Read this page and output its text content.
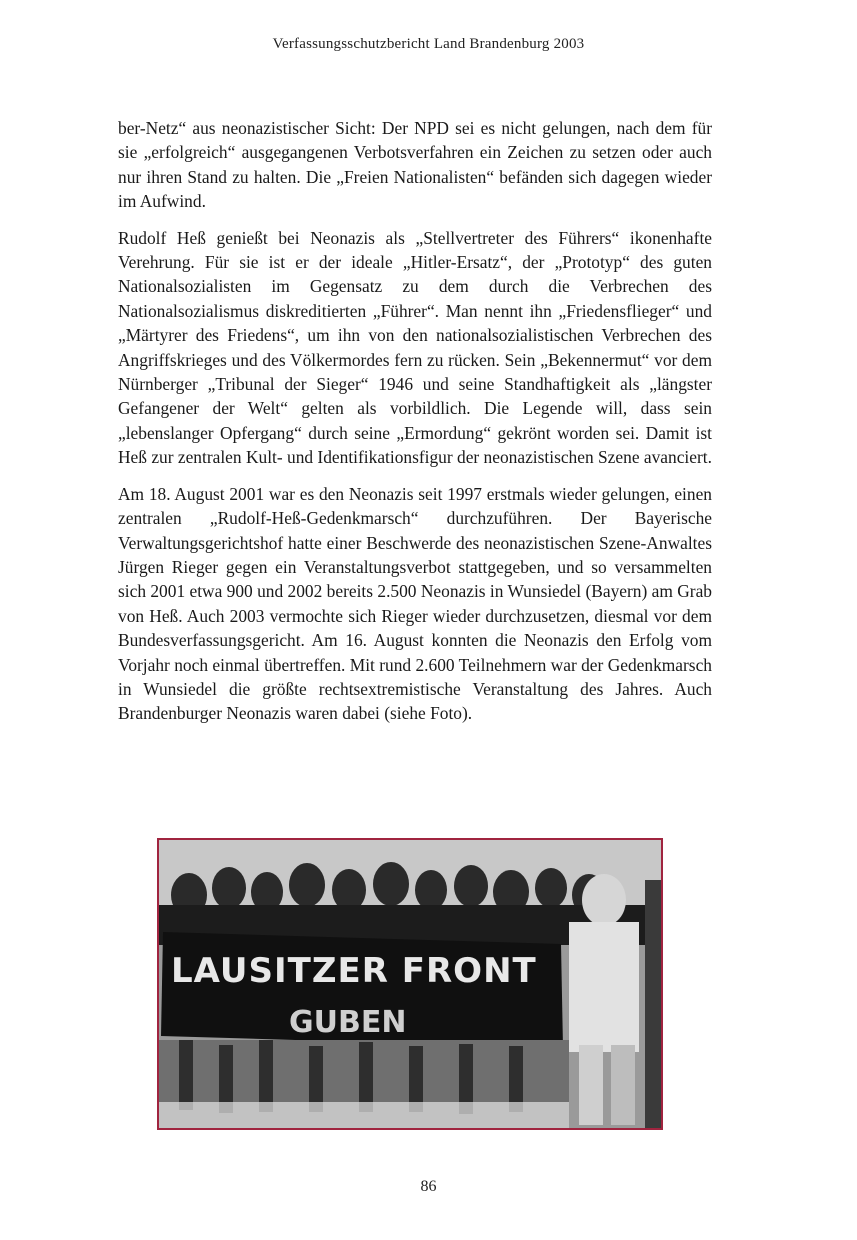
Verfassungsschutzbericht Land Brandenburg 2003

ber-Netz“ aus neonazistischer Sicht: Der NPD sei es nicht gelungen, nach dem für sie „erfolgreich“ ausgegangenen Verbotsverfahren ein Zeichen zu setzen oder auch nur ihren Stand zu halten. Die „Freien Nationalisten“ befänden sich dagegen wieder im Aufwind.

Rudolf Heß genießt bei Neonazis als „Stellvertreter des Führers“ ikonenhafte Verehrung. Für sie ist er der ideale „Hitler-Ersatz“, der „Prototyp“ des guten Nationalsozialisten im Gegensatz zu dem durch die Verbrechen des Nationalsozialismus diskreditierten „Führer“. Man nennt ihn „Friedensflieger“ und „Märtyrer des Friedens“, um ihn von den nationalsozialistischen Verbrechen des Angriffskrieges und des Völkermordes fern zu rücken. Sein „Bekennermut“ vor dem Nürnberger „Tribunal der Sieger“ 1946 und seine Standhaftigkeit als „längster Gefangener der Welt“ gelten als vorbildlich. Die Legende will, dass sein „lebenslanger Opfergang“ durch seine „Ermordung“ gekrönt worden sei. Damit ist Heß zur zentralen Kult- und Identifikationsfigur der neonazistischen Szene avanciert.

Am 18. August 2001 war es den Neonazis seit 1997 erstmals wieder gelungen, einen zentralen „Rudolf-Heß-Gedenkmarsch“ durchzuführen. Der Bayerische Verwaltungsgerichtshof hatte einer Beschwerde des neonazistischen Szene-Anwaltes Jürgen Rieger gegen ein Veranstaltungsverbot stattgegeben, und so versammelten sich 2001 etwa 900 und 2002 bereits 2.500 Neonazis in Wunsiedel (Bayern) am Grab von Heß. Auch 2003 vermochte sich Rieger wieder durchzusetzen, diesmal vor dem Bundesverfassungsgericht. Am 16. August konnten die Neonazis den Erfolg vom Vorjahr noch einmal übertreffen. Mit rund 2.600 Teilnehmern war der Gedenkmarsch in Wunsiedel die größte rechtsextremistische Veranstaltung des Jahres. Auch Brandenburger Neonazis waren dabei (siehe Foto).

LAUSITZER FRONT
GUBEN
86
